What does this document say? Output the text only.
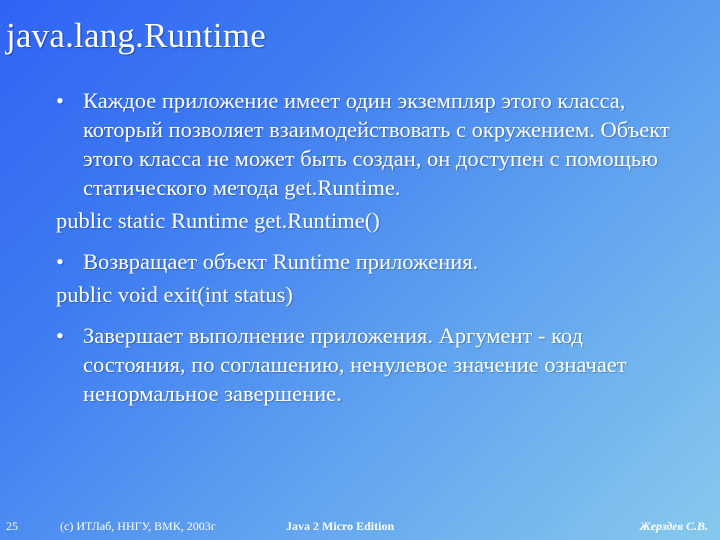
java.lang.Runtime
• Каждое приложение имеет один экземпляр этого класса, который позволяет взаимодействовать с окружением. Объект этого класса не может быть создан, он доступен с помощью статического метода get.Runtime.
public static Runtime get.Runtime()
• Возвращает объект Runtime приложения.
public void exit(int status)
• Завершает выполнение приложения. Аргумент - код состояния, по соглашению, ненулевое значение означает ненормальное завершение.
25	(c) ИТЛаб, ННГУ, ВМК, 2003г	Java 2 Micro Edition	Жерздев С.В.
